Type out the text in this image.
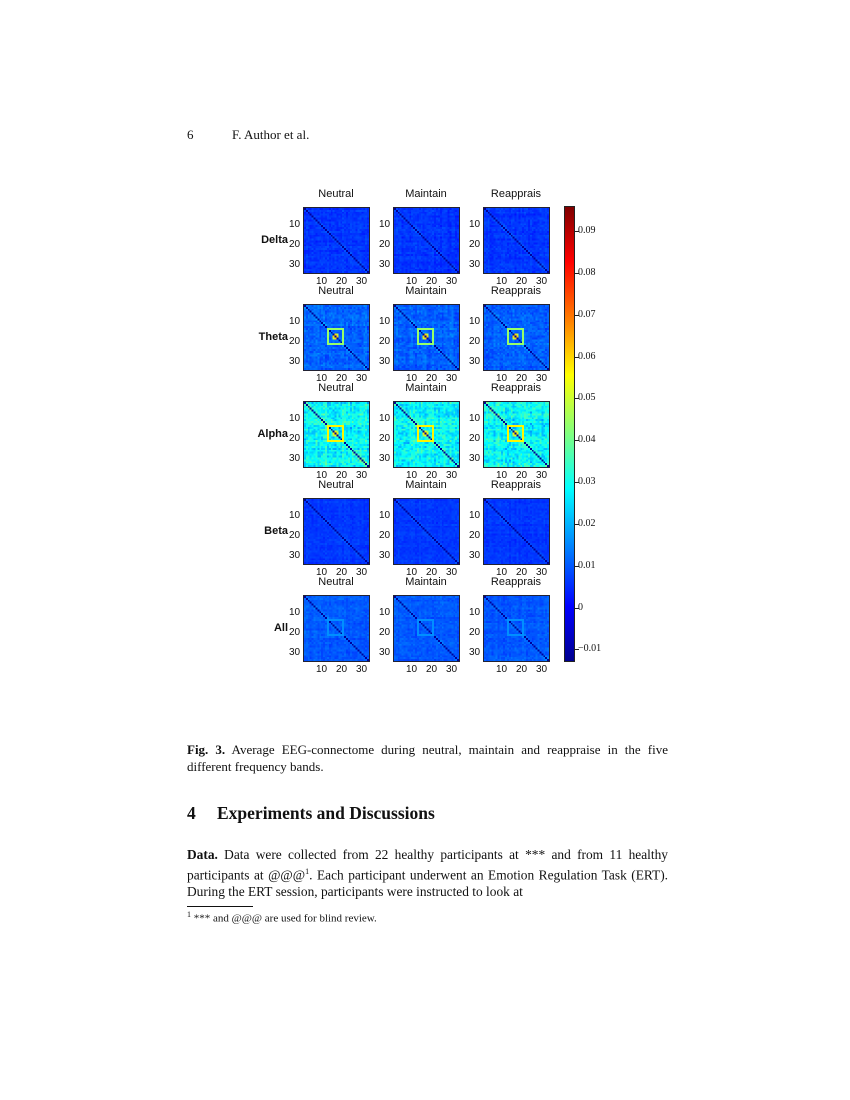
6	F. Author et al.
Delta
Neutral
10
20
30
10 20 30
Maintain
10
20
30
10 20 30
Reapprais
10
20
30
10 20 30
Theta
Neutral
10
20
30
10 20 30
Maintain
10
20
30
10 20 30
Reapprais
10
20
30
10 20 30
Alpha
Neutral
10
20
30
10 20 30
Maintain
10
20
30
10 20 30
Reapprais
10
20
30
10 20 30
Beta
Neutral
10
20
30
10 20 30
Maintain
10
20
30
10 20 30
Reapprais
10
20
30
10 20 30
All
Neutral
10
20
30
10 20 30
Maintain
10
20
30
10 20 30
Reapprais
10
20
30
10 20 30
0.09
0.08
0.07
0.06
0.05
0.04
0.03
0.02
0.01
0
−0.01
Fig. 3. Average EEG-connectome during neutral, maintain and reappraise in the five different frequency bands.
4 Experiments and Discussions
Data. Data were collected from 22 healthy participants at *** and from 11 healthy participants at @@@$^1$. Each participant underwent an Emotion Regulation Task (ERT). During the ERT session, participants were instructed to look at
$^1$ *** and @@@ are used for blind review.
